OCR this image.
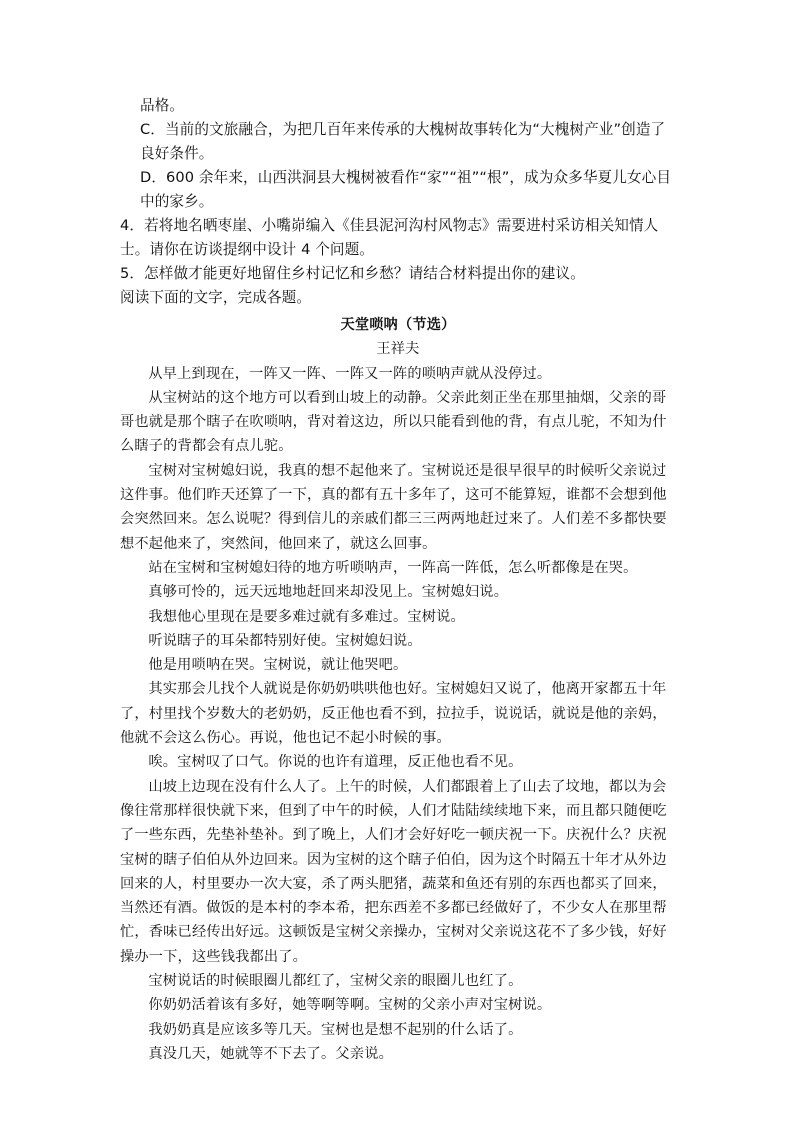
品格。

C．当前的文旅融合，为把几百年来传承的大槐树故事转化为“大槐树产业”创造了良好条件。

D．600 余年来，山西洪洞县大槐树被看作“家”“祖”“根”，成为众多华夏儿女心目中的家乡。

4．若将地名晒枣崖、小嘴峁编入《佳县泥河沟村风物志》需要进村采访相关知情人士。请你在访谈提纲中设计 4 个问题。

5．怎样做才能更好地留住乡村记忆和乡愁？请结合材料提出你的建议。

阅读下面的文字，完成各题。

天堂唢呐（节选）

王祥夫

从早上到现在，一阵又一阵、一阵又一阵的唢呐声就从没停过。

从宝树站的这个地方可以看到山坡上的动静。父亲此刻正坐在那里抽烟，父亲的哥哥也就是那个瞎子在吹唢呐，背对着这边，所以只能看到他的背，有点儿驼，不知为什么瞎子的背都会有点儿驼。

宝树对宝树媳妇说，我真的想不起他来了。宝树说还是很早很早的时候听父亲说过这件事。他们昨天还算了一下，真的都有五十多年了，这可不能算短，谁都不会想到他会突然回来。怎么说呢？得到信儿的亲戚们都三三两两地赶过来了。人们差不多都快要想不起他来了，突然间，他回来了，就这么回事。

站在宝树和宝树媳妇待的地方听唢呐声，一阵高一阵低，怎么听都像是在哭。

真够可怜的，远天远地地赶回来却没见上。宝树媳妇说。

我想他心里现在是要多难过就有多难过。宝树说。

听说瞎子的耳朵都特别好使。宝树媳妇说。

他是用唢呐在哭。宝树说，就让他哭吧。

其实那会儿找个人就说是你奶奶哄哄他也好。宝树媳妇又说了，他离开家都五十年了，村里找个岁数大的老奶奶，反正他也看不到，拉拉手，说说话，就说是他的亲妈，他就不会这么伤心。再说，他也记不起小时候的事。

唉。宝树叹了口气。你说的也许有道理，反正他也看不见。

山坡上边现在没有什么人了。上午的时候，人们都跟着上了山去了坟地，都以为会像往常那样很快就下来，但到了中午的时候，人们才陆陆续续地下来，而且都只随便吃了一些东西，先垫补垫补。到了晚上，人们才会好好吃一顿庆祝一下。庆祝什么？庆祝宝树的瞎子伯伯从外边回来。因为宝树的这个瞎子伯伯，因为这个时隔五十年才从外边回来的人，村里要办一次大宴，杀了两头肥猪，蔬菜和鱼还有别的东西也都买了回来，当然还有酒。做饭的是本村的李本希，把东西差不多都已经做好了，不少女人在那里帮忙，香味已经传出好远。这顿饭是宝树父亲操办，宝树对父亲说这花不了多少钱，好好操办一下，这些钱我都出了。

宝树说话的时候眼圈儿都红了，宝树父亲的眼圈儿也红了。

你奶奶活着该有多好，她等啊等啊。宝树的父亲小声对宝树说。

我奶奶真是应该多等几天。宝树也是想不起别的什么话了。

真没几天，她就等不下去了。父亲说。
